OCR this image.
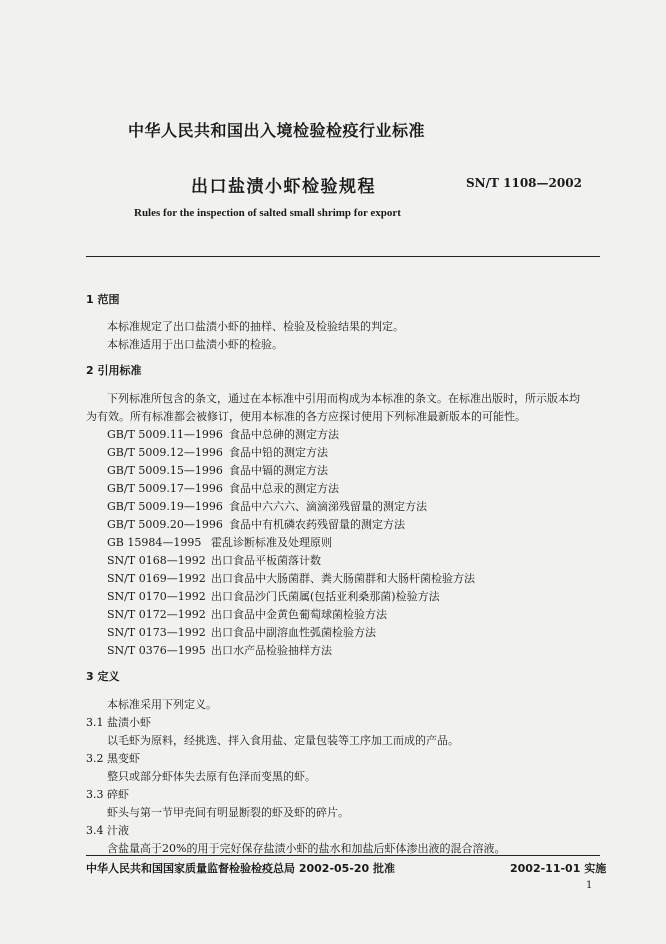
中华人民共和国出入境检验检疫行业标准
出口盐渍小虾检验规程	SN/T 1108—2002
Rules for the inspection of salted small shrimp for export
1 范围
本标准规定了出口盐渍小虾的抽样、检验及检验结果的判定。
本标准适用于出口盐渍小虾的检验。
2 引用标准
下列标准所包含的条文，通过在本标准中引用而构成为本标准的条文。在标准出版时，所示版本均
为有效。所有标准都会被修订，使用本标准的各方应探讨使用下列标准最新版本的可能性。
GB/T 5009.11—1996 食品中总砷的测定方法
GB/T 5009.12—1996 食品中铅的测定方法
GB/T 5009.15—1996 食品中镉的测定方法
GB/T 5009.17—1996 食品中总汞的测定方法
GB/T 5009.19—1996 食品中六六六、滴滴涕残留量的测定方法
GB/T 5009.20—1996 食品中有机磷农药残留量的测定方法
GB 15984—1995 霍乱诊断标准及处理原则
SN/T 0168—1992 出口食品平板菌落计数
SN/T 0169—1992 出口食品中大肠菌群、粪大肠菌群和大肠杆菌检验方法
SN/T 0170—1992 出口食品沙门氏菌属(包括亚利桑那菌)检验方法
SN/T 0172—1992 出口食品中金黄色葡萄球菌检验方法
SN/T 0173—1992 出口食品中副溶血性弧菌检验方法
SN/T 0376—1995 出口水产品检验抽样方法
3 定义
本标准采用下列定义。
3.1 盐渍小虾
以毛虾为原料，经挑选、拌入食用盐、定量包装等工序加工而成的产品。
3.2 黑变虾
整只或部分虾体失去原有色泽而变黑的虾。
3.3 碎虾
虾头与第一节甲壳间有明显断裂的虾及虾的碎片。
3.4 汁液
含盐量高于20%的用于完好保存盐渍小虾的盐水和加盐后虾体渗出液的混合溶液。
中华人民共和国国家质量监督检验检疫总局 2002-05-20 批准	2002-11-01 实施
1
